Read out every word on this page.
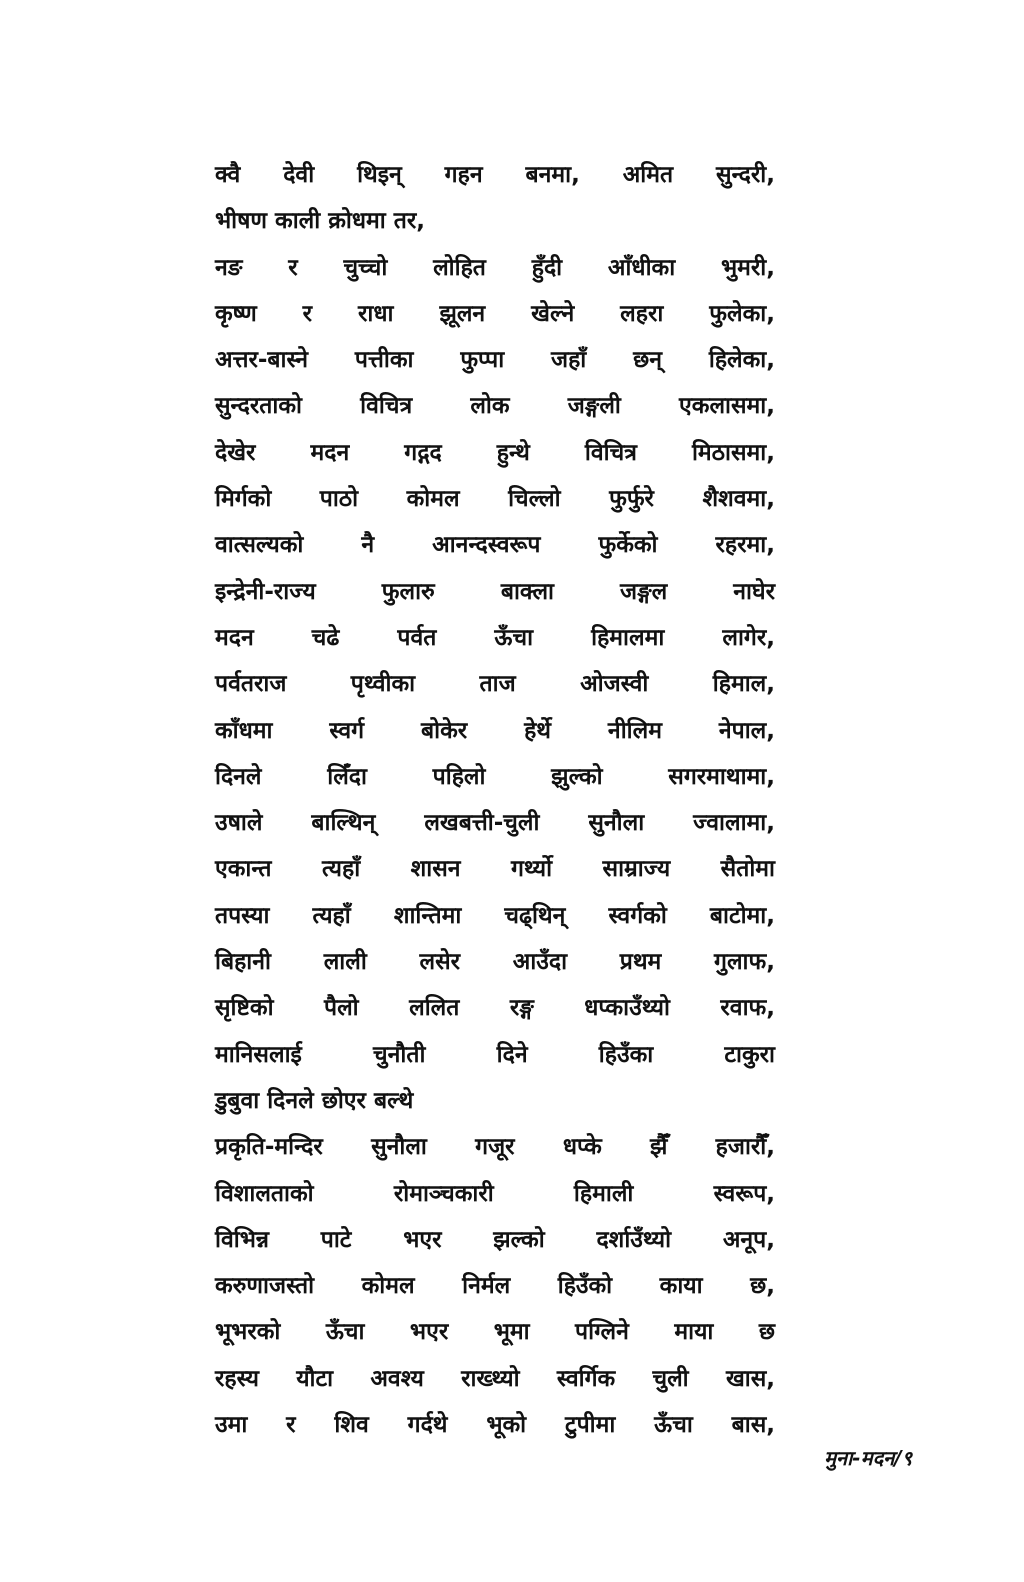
क्वै देवी थिइन् गहन बनमा, अमित सुन्दरी,
भीषण काली क्रोधमा तर,
नङ र चुच्चो लोहित हुँदी आँधीका भुमरी,
कृष्ण र राधा झूलन खेल्ने लहरा फुलेका,
अत्तर-बास्ने पत्तीका फुप्पा जहाँ छन् हिलेका,
सुन्दरताको विचित्र लोक जङ्गली एकलासमा,
देखेर मदन गद्गद हुन्थे विचित्र मिठासमा,
मिर्गको पाठो कोमल चिल्लो फुर्फुरे शैशवमा,
वात्सल्यको नै आनन्दस्वरूप फुर्केको रहरमा,
इन्द्रेनी-राज्य फुलारु बाक्ला जङ्गल नाघेर
मदन चढे पर्वत ऊँचा हिमालमा लागेर,
पर्वतराज पृथ्वीका ताज ओजस्वी हिमाल,
काँधमा स्वर्ग बोकेर हेर्थे नीलिम नेपाल,
दिनले लिँदा पहिलो झुल्को सगरमाथामा,
उषाले बाल्थिन् लखबत्ती-चुली सुनौला ज्वालामा,
एकान्त त्यहाँ शासन गर्थ्यो साम्राज्य सैतोमा
तपस्या त्यहाँ शान्तिमा चढ्थिन् स्वर्गको बाटोमा,
बिहानी लाली लसेर आउँदा प्रथम गुलाफ,
सृष्टिको पैलो ललित रङ्ग धप्काउँथ्यो रवाफ,
मानिसलाई चुनौती दिने हिउँका टाकुरा
डुबुवा दिनले छोएर बल्थे
प्रकृति-मन्दिर सुनौला गजूर धप्के झैँ हजारौँ,
विशालताको रोमाञ्चकारी हिमाली स्वरूप,
विभिन्न पाटे भएर झल्को दर्शाउँथ्यो अनूप,
करुणाजस्तो कोमल निर्मल हिउँको काया छ,
भूभरको ऊँचा भएर भूमा पग्लिने माया छ
रहस्य यौटा अवश्य राख्थ्यो स्वर्गिक चुली खास,
उमा र शिव गर्दथे भूको टुपीमा ऊँचा बास,
मुना-मदन/९
